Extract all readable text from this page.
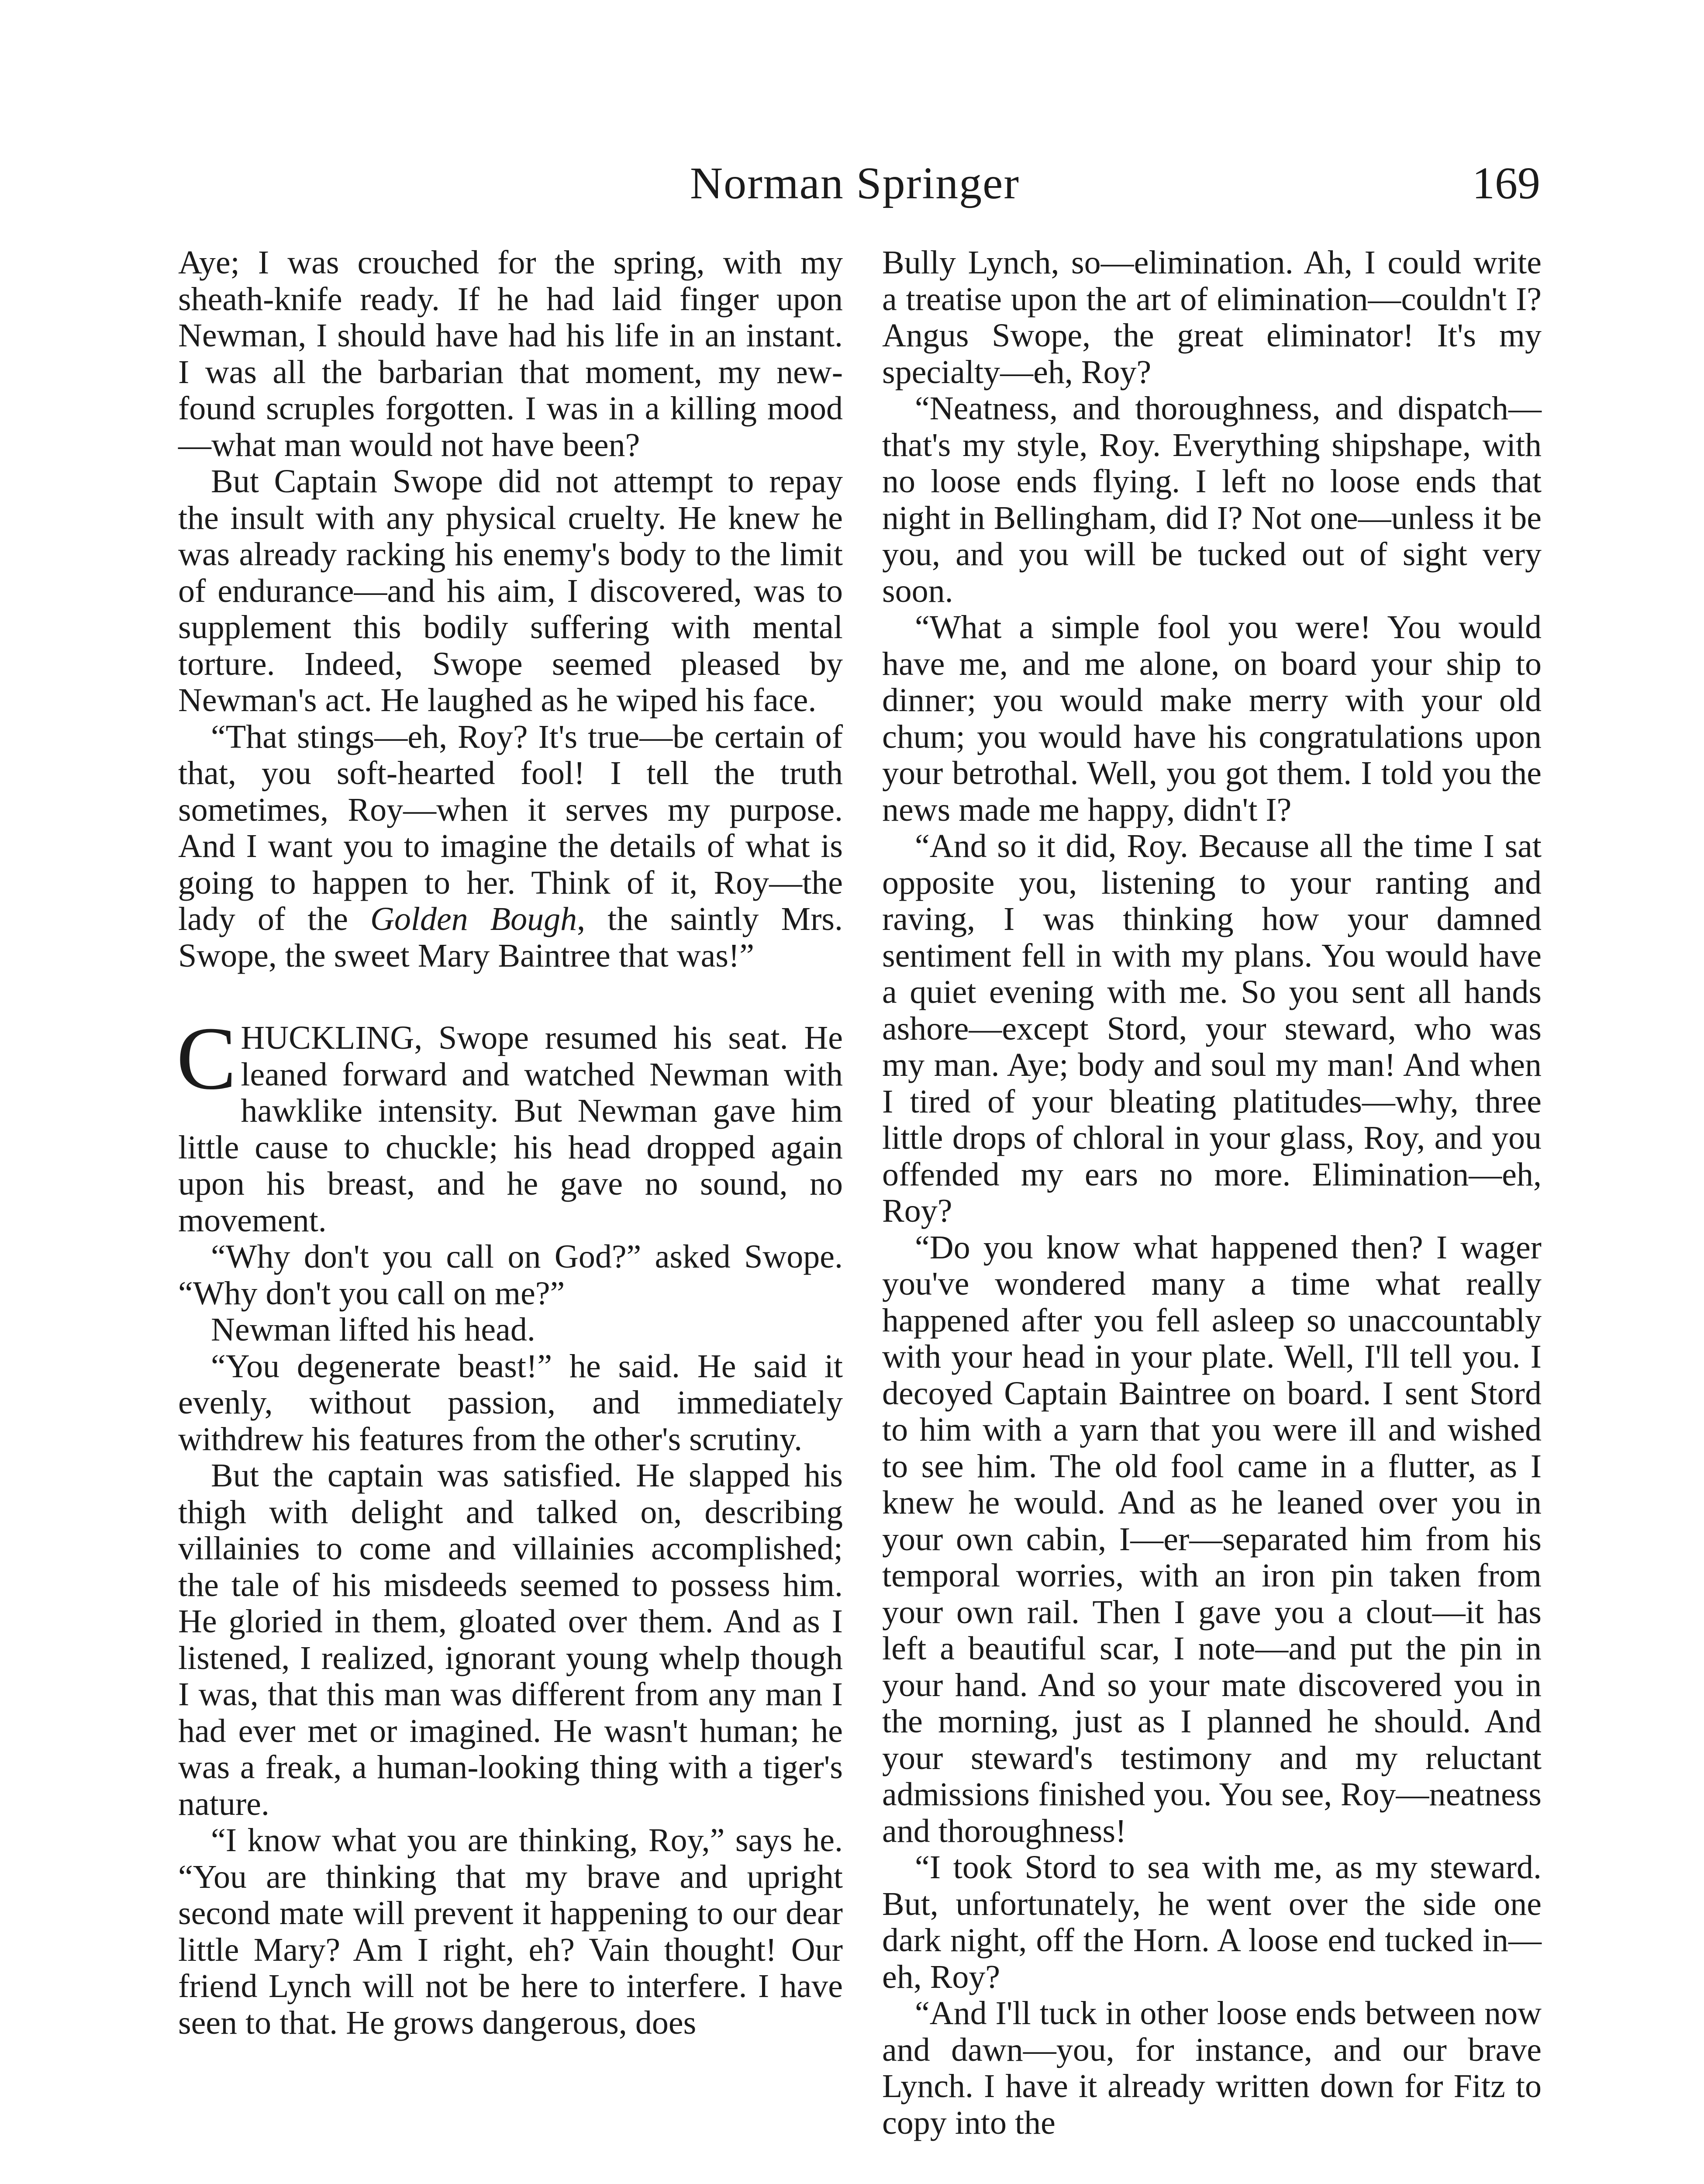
Norman Springer	169

Aye; I was crouched for the spring, with my sheath-knife ready. If he had laid finger upon Newman, I should have had his life in an instant. I was all the barbarian that moment, my new-found scruples forgotten. I was in a killing mood—what man would not have been?

But Captain Swope did not attempt to repay the insult with any physical cruelty. He knew he was already racking his enemy's body to the limit of endurance—and his aim, I discovered, was to supplement this bodily suffering with mental torture. Indeed, Swope seemed pleased by Newman's act. He laughed as he wiped his face.

“That stings—eh, Roy? It's true—be certain of that, you soft-hearted fool! I tell the truth sometimes, Roy—when it serves my purpose. And I want you to imagine the details of what is going to happen to her. Think of it, Roy—the lady of the Golden Bough, the saintly Mrs. Swope, the sweet Mary Baintree that was!”

CHUCKLING, Swope resumed his seat. He leaned forward and watched Newman with hawklike intensity. But Newman gave him little cause to chuckle; his head dropped again upon his breast, and he gave no sound, no movement.

“Why don't you call on God?” asked Swope. “Why don't you call on me?”

Newman lifted his head.

“You degenerate beast!” he said. He said it evenly, without passion, and immediately withdrew his features from the other's scrutiny.

But the captain was satisfied. He slapped his thigh with delight and talked on, describing villainies to come and villainies accomplished; the tale of his misdeeds seemed to possess him. He gloried in them, gloated over them. And as I listened, I realized, ignorant young whelp though I was, that this man was different from any man I had ever met or imagined. He wasn't human; he was a freak, a human-looking thing with a tiger's nature.

“I know what you are thinking, Roy,” says he. “You are thinking that my brave and upright second mate will prevent it happening to our dear little Mary? Am I right, eh? Vain thought! Our friend Lynch will not be here to interfere. I have seen to that. He grows dangerous, does

Bully Lynch, so—elimination. Ah, I could write a treatise upon the art of elimination—couldn't I? Angus Swope, the great eliminator! It's my specialty—eh, Roy?

“Neatness, and thoroughness, and dispatch—that's my style, Roy. Everything shipshape, with no loose ends flying. I left no loose ends that night in Bellingham, did I? Not one—unless it be you, and you will be tucked out of sight very soon.

“What a simple fool you were! You would have me, and me alone, on board your ship to dinner; you would make merry with your old chum; you would have his congratulations upon your betrothal. Well, you got them. I told you the news made me happy, didn't I?

“And so it did, Roy. Because all the time I sat opposite you, listening to your ranting and raving, I was thinking how your damned sentiment fell in with my plans. You would have a quiet evening with me. So you sent all hands ashore—except Stord, your steward, who was my man. Aye; body and soul my man! And when I tired of your bleating platitudes—why, three little drops of chloral in your glass, Roy, and you offended my ears no more. Elimination—eh, Roy?

“Do you know what happened then? I wager you've wondered many a time what really happened after you fell asleep so unaccountably with your head in your plate. Well, I'll tell you. I decoyed Captain Baintree on board. I sent Stord to him with a yarn that you were ill and wished to see him. The old fool came in a flutter, as I knew he would. And as he leaned over you in your own cabin, I—er—separated him from his temporal worries, with an iron pin taken from your own rail. Then I gave you a clout—it has left a beautiful scar, I note—and put the pin in your hand. And so your mate discovered you in the morning, just as I planned he should. And your steward's testimony and my reluctant admissions finished you. You see, Roy—neatness and thoroughness!

“I took Stord to sea with me, as my steward. But, unfortunately, he went over the side one dark night, off the Horn. A loose end tucked in—eh, Roy?

“And I'll tuck in other loose ends between now and dawn—you, for instance, and our brave Lynch. I have it already written down for Fitz to copy into the
